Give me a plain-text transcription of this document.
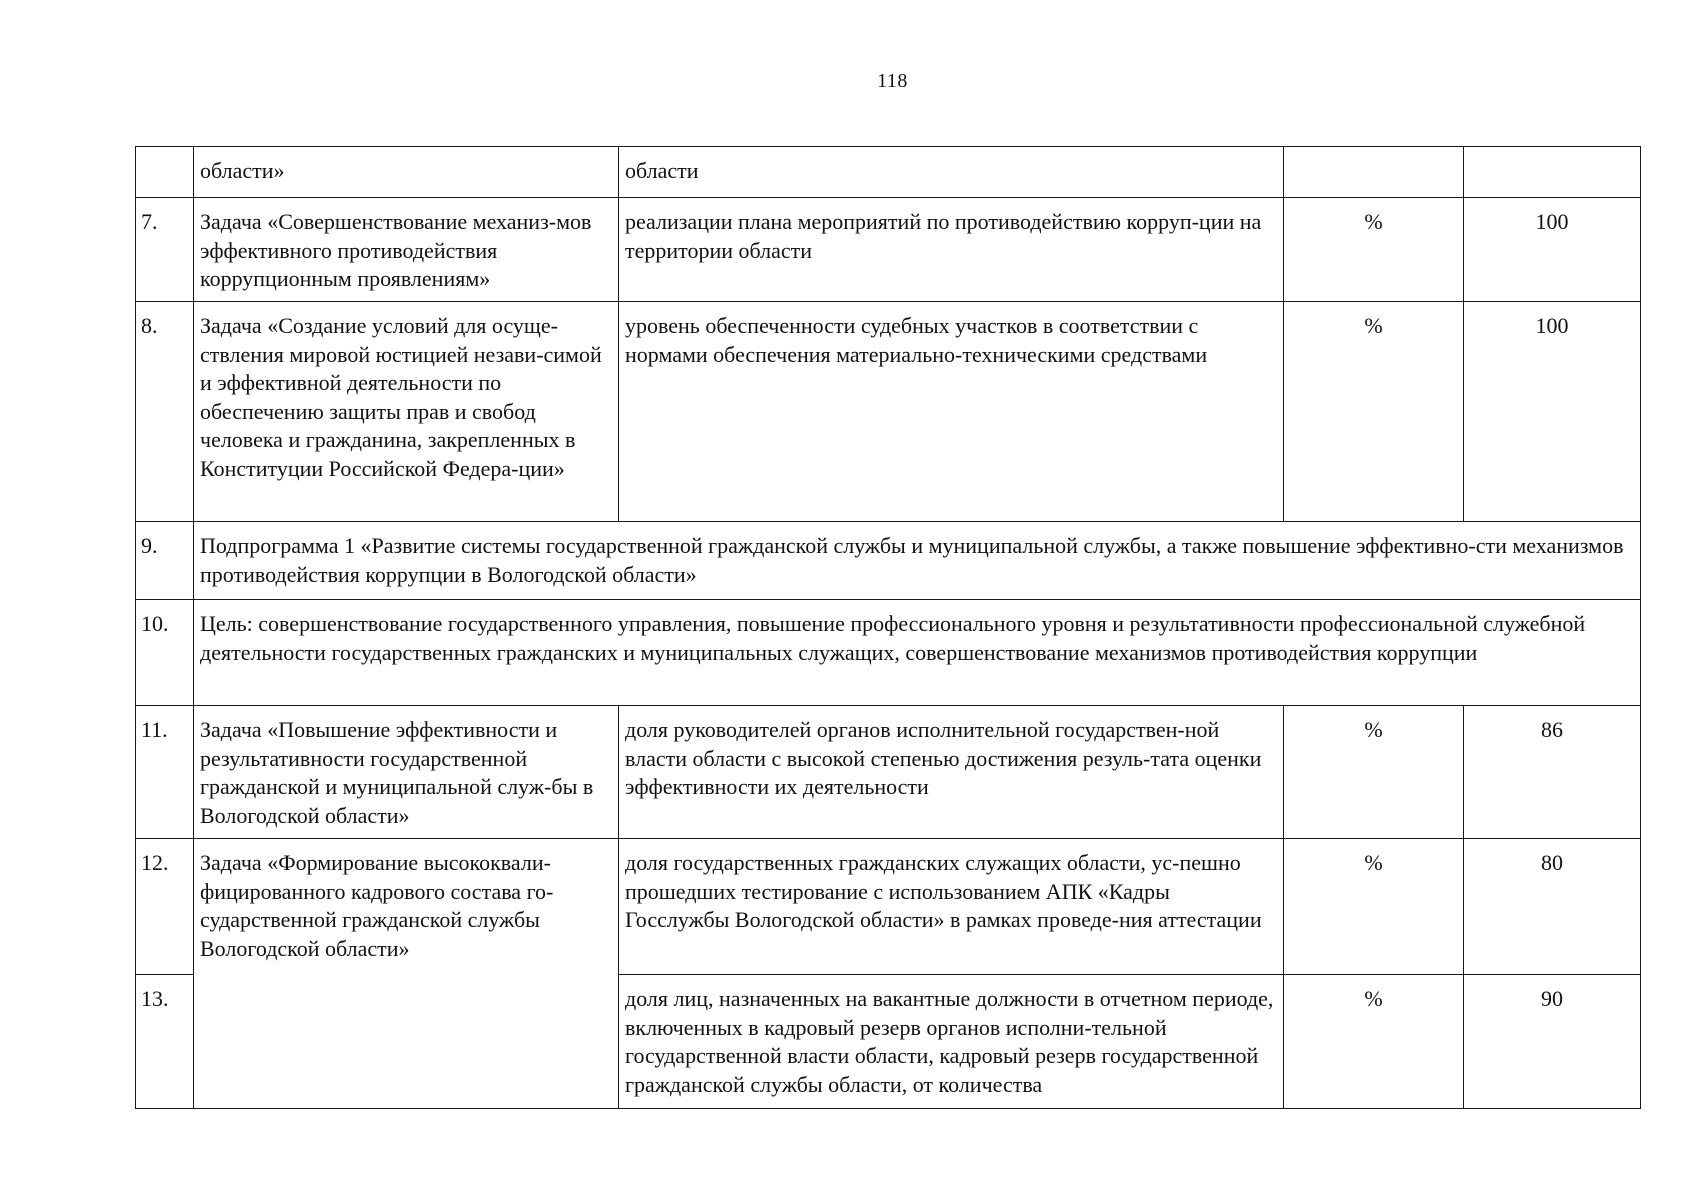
118

	области»	области		

7.	Задача «Совершенствование механиз-мов эффективного противодействия коррупционным проявлениям»	реализации плана мероприятий по противодействию корруп-ции на территории области	%	100
8.	Задача «Создание условий для осуще-ствления мировой юстицией незави-симой и эффективной деятельности по обеспечению защиты прав и свобод человека и гражданина, закрепленных в Конституции Российской Федера-ции»	уровень обеспеченности судебных участков в соответствии с нормами обеспечения материально-техническими средствами	%	100
9.	Подпрограмма 1 «Развитие системы государственной гражданской службы и муниципальной службы, а также повышение эффективно-сти механизмов противодействия коррупции в Вологодской области»			

10.	Цель: совершенствование государственного управления, повышение профессионального уровня и результативности профессиональной служебной деятельности государственных гражданских и муниципальных служащих, совершенствование механизмов противодействия коррупции			

11.	Задача «Повышение эффективности и результативности государственной гражданской и муниципальной служ-бы в Вологодской области»	доля руководителей органов исполнительной государствен-ной власти области с высокой степенью достижения резуль-тата оценки эффективности их деятельности	%	86
12.	Задача «Формирование высококвали-фицированного кадрового состава го-сударственной гражданской службы Вологодской области»	доля государственных гражданских служащих области, ус-пешно прошедших тестирование с использованием АПК «Кадры Госслужбы Вологодской области» в рамках проведе-ния аттестации	%	80
13.		доля лиц, назначенных на вакантные должности в отчетном периоде, включенных в кадровый резерв органов исполни-тельной государственной власти области, кадровый резерв государственной гражданской службы области, от количества	%	90
